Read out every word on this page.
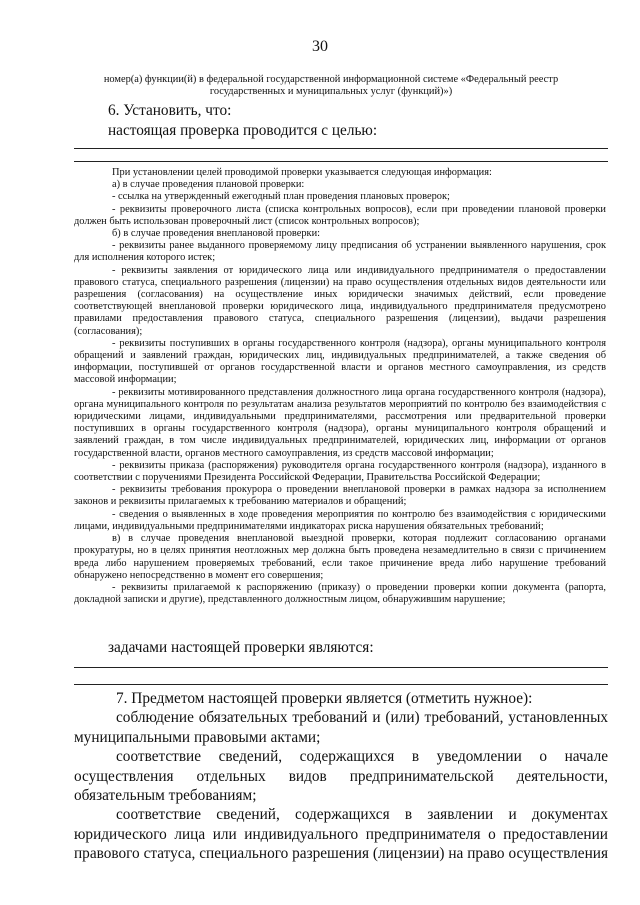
30
номер(а) функции(й) в федеральной государственной информационной системе «Федеральный реестр государственных и муниципальных услуг (функций)»)
6. Установить, что:
настоящая проверка проводится с целью:

При установлении целей проводимой проверки указывается следующая информация:

а) в случае проведения плановой проверки:

- ссылка на утвержденный ежегодный план проведения плановых проверок;

- реквизиты проверочного листа (списка контрольных вопросов), если при проведении плановой проверки должен быть использован проверочный лист (список контрольных вопросов);

б) в случае проведения внеплановой проверки:

- реквизиты ранее выданного проверяемому лицу предписания об устранении выявленного нарушения, срок для исполнения которого истек;

- реквизиты заявления от юридического лица или индивидуального предпринимателя о предоставлении правового статуса, специального разрешения (лицензии) на право осуществления отдельных видов деятельности или разрешения (согласования) на осуществление иных юридически значимых действий, если проведение соответствующей внеплановой проверки юридического лица, индивидуального предпринимателя предусмотрено правилами предоставления правового статуса, специального разрешения (лицензии), выдачи разрешения (согласования);

- реквизиты поступивших в органы государственного контроля (надзора), органы муниципального контроля обращений и заявлений граждан, юридических лиц, индивидуальных предпринимателей, а также сведения об информации, поступившей от органов государственной власти и органов местного самоуправления, из средств массовой информации;

- реквизиты мотивированного представления должностного лица органа государственного контроля (надзора), органа муниципального контроля по результатам анализа результатов мероприятий по контролю без взаимодействия с юридическими лицами, индивидуальными предпринимателями, рассмотрения или предварительной проверки поступивших в органы государственного контроля (надзора), органы муниципального контроля обращений и заявлений граждан, в том числе индивидуальных предпринимателей, юридических лиц, информации от органов государственной власти, органов местного самоуправления, из средств массовой информации;

- реквизиты приказа (распоряжения) руководителя органа государственного контроля (надзора), изданного в соответствии с поручениями Президента Российской Федерации, Правительства Российской Федерации;

- реквизиты требования прокурора о проведении внеплановой проверки в рамках надзора за исполнением законов и реквизиты прилагаемых к требованию материалов и обращений;

- сведения о выявленных в ходе проведения мероприятия по контролю без взаимодействия с юридическими лицами, индивидуальными предпринимателями индикаторах риска нарушения обязательных требований;

в) в случае проведения внеплановой выездной проверки, которая подлежит согласованию органами прокуратуры, но в целях принятия неотложных мер должна быть проведена незамедлительно в связи с причинением вреда либо нарушением проверяемых требований, если такое причинение вреда либо нарушение требований обнаружено непосредственно в момент его совершения;

- реквизиты прилагаемой к распоряжению (приказу) о проведении проверки копии документа (рапорта, докладной записки и другие), представленного должностным лицом, обнаружившим нарушение;

задачами настоящей проверки являются:

7. Предметом настоящей проверки является (отметить нужное):

соблюдение обязательных требований и (или) требований, установленных муниципальными правовыми актами;

соответствие сведений, содержащихся в уведомлении о начале осуществления отдельных видов предпринимательской деятельности, обязательным требованиям;

соответствие сведений, содержащихся в заявлении и документах юридического лица или индивидуального предпринимателя о предоставлении правового статуса, специального разрешения (лицензии) на право осуществления
